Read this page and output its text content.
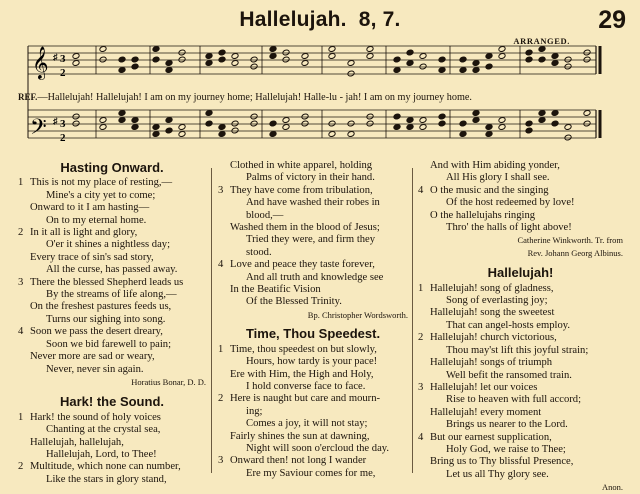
Hallelujah. 8, 7.	29
ARRANGED.
𝄞
𝄢
♯
♯
3
2
3
2
REF.—Hallelujah! Hallelujah! I am on my journey home; Hallelujah! Halle-lu - jah! I am on my journey home.
Hasting Onward.
1 This is not my place of resting,—
Mine's a city yet to come;
Onward to it I am hasting—
On to my eternal home.
2 In it all is light and glory,
O'er it shines a nightless day;
Every trace of sin's sad story,
All the curse, has passed away.
3 There the blessed Shepherd leads us
By the streams of life along,—
On the freshest pastures feeds us,
Turns our sighing into song.
4 Soon we pass the desert dreary,
Soon we bid farewell to pain;
Never more are sad or weary,
Never, never sin again.
Horatius Bonar, D. D.
Hark! the Sound.
1 Hark! the sound of holy voices
Chanting at the crystal sea,
Hallelujah, hallelujah,
Hallelujah, Lord, to Thee!
2 Multitude, which none can number,
Like the stars in glory stand,
Clothed in white apparel, holding
Palms of victory in their hand.
3 They have come from tribulation,
And have washed their robes in
blood,—
Washed them in the blood of Jesus;
Tried they were, and firm they
stood.
4 Love and peace they taste forever,
And all truth and knowledge see
In the Beatific Vision
Of the Blessed Trinity.
Bp. Christopher Wordsworth.
Time, Thou Speedest.
1 Time, thou speedest on but slowly,
Hours, how tardy is your pace!
Ere with Him, the High and Holy,
I hold converse face to face.
2 Here is naught but care and mourn-
ing;
Comes a joy, it will not stay;
Fairly shines the sun at dawning,
Night will soon o'ercloud the day.
3 Onward then! not long I wander
Ere my Saviour comes for me,
And with Him abiding yonder,
All His glory I shall see.
4 O the music and the singing
Of the host redeemed by love!
O the hallelujahs ringing
Thro' the halls of light above!
Catherine Winkworth. Tr. from
Rev. Johann Georg Albinus.
Hallelujah!
1 Hallelujah! song of gladness,
Song of everlasting joy;
Hallelujah! song the sweetest
That can angel-hosts employ.
2 Hallelujah! church victorious,
Thou may'st lift this joyful strain;
Hallelujah! songs of triumph
Well befit the ransomed train.
3 Hallelujah! let our voices
Rise to heaven with full accord;
Hallelujah! every moment
Brings us nearer to the Lord.
4 But our earnest supplication,
Holy God, we raise to Thee;
Bring us to Thy blissful Presence,
Let us all Thy glory see.
Anon.
